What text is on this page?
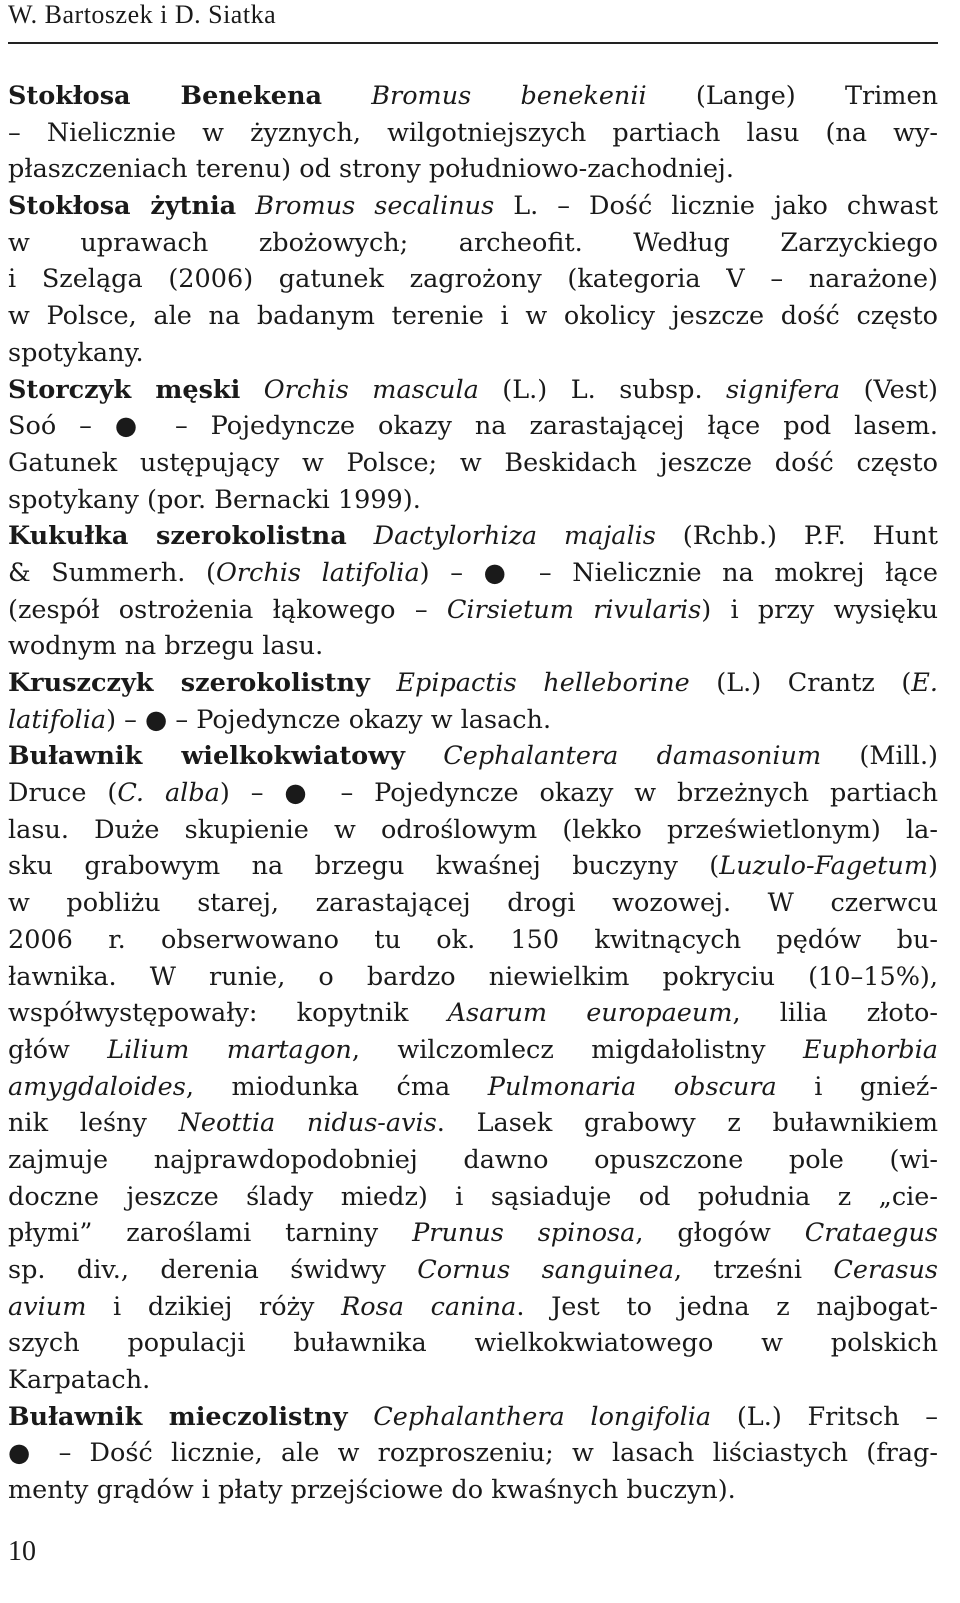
W. Bartoszek i D. Siatka
Stokłosa Benekena Bromus benekenii (Lange) Trimen
– Nielicznie w żyznych, wilgotniejszych partiach lasu (na wy-
płaszczeniach terenu) od strony południowo-zachodniej.
Stokłosa żytnia Bromus secalinus L. – Dość licznie jako chwast
w uprawach zbożowych; archeofit. Według Zarzyckiego
i Szeląga (2006) gatunek zagrożony (kategoria V – narażone)
w Polsce, ale na badanym terenie i w okolicy jeszcze dość często
spotykany.
Storczyk męski Orchis mascula (L.) L. subsp. signifera (Vest)
Soó – ● – Pojedyncze okazy na zarastającej łące pod lasem.
Gatunek ustępujący w Polsce; w Beskidach jeszcze dość często
spotykany (por. Bernacki 1999).
Kukułka szerokolistna Dactylorhiza majalis (Rchb.) P.F. Hunt
& Summerh. (Orchis latifolia) – ● – Nielicznie na mokrej łące
(zespół ostrożenia łąkowego – Cirsietum rivularis) i przy wysięku
wodnym na brzegu lasu.
Kruszczyk szerokolistny Epipactis helleborine (L.) Crantz (E.
latifolia) – ● – Pojedyncze okazy w lasach.
Buławnik wielkokwiatowy Cephalantera damasonium (Mill.)
Druce (C. alba) – ● – Pojedyncze okazy w brzeżnych partiach
lasu. Duże skupienie w odroślowym (lekko prześwietlonym) la-
sku grabowym na brzegu kwaśnej buczyny (Luzulo-Fagetum)
w pobliżu starej, zarastającej drogi wozowej. W czerwcu
2006 r. obserwowano tu ok. 150 kwitnących pędów bu-
ławnika. W runie, o bardzo niewielkim pokryciu (10–15%),
współwystępowały: kopytnik Asarum europaeum, lilia złoto-
głów Lilium martagon, wilczomlecz migdałolistny Euphorbia
amygdaloides, miodunka ćma Pulmonaria obscura i gnieź-
nik leśny Neottia nidus-avis. Lasek grabowy z buławnikiem
zajmuje najprawdopodobniej dawno opuszczone pole (wi-
doczne jeszcze ślady miedz) i sąsiaduje od południa z „cie-
płymi” zaroślami tarniny Prunus spinosa, głogów Crataegus
sp. div., derenia świdwy Cornus sanguinea, trześni Cerasus
avium i dzikiej róży Rosa canina. Jest to jedna z najbogat-
szych populacji buławnika wielkokwiatowego w polskich
Karpatach.
Buławnik mieczolistny Cephalanthera longifolia (L.) Fritsch –
● – Dość licznie, ale w rozproszeniu; w lasach liściastych (frag-
menty grądów i płaty przejściowe do kwaśnych buczyn).
10
